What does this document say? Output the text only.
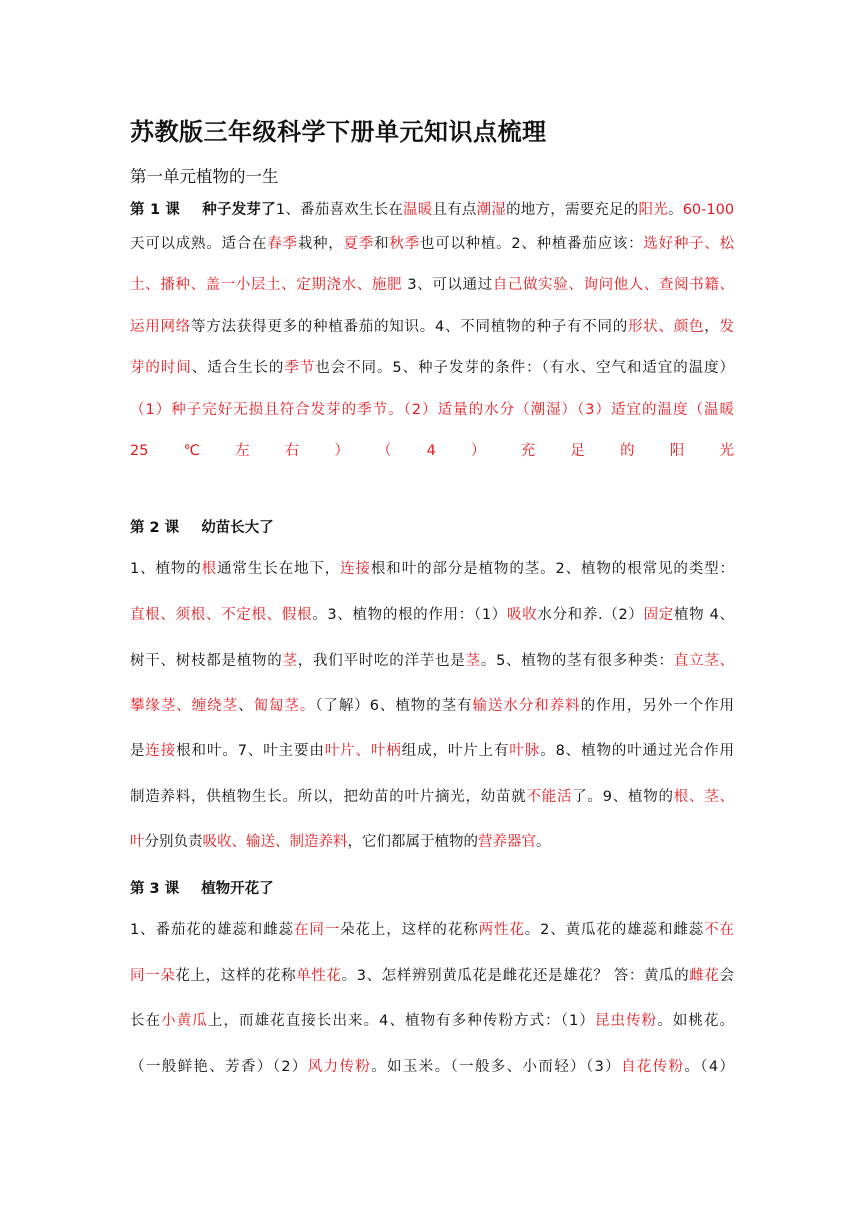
苏教版三年级科学下册单元知识点梳理
第一单元植物的一生
第 1 课 种子发芽了1、番茄喜欢生长在温暖且有点潮湿的地方，需要充足的阳光。60-100
天可以成熟。适合在春季栽种，夏季和秋季也可以种植。2、种植番茄应该：选好种子、松
土、播种、盖一小层土、定期浇水、施肥 3、可以通过自己做实验、询问他人、查阅书籍、
运用网络等方法获得更多的种植番茄的知识。4、不同植物的种子有不同的形状、颜色，发
芽的时间、适合生长的季节也会不同。5、种子发芽的条件：（有水、空气和适宜的温度）
（1）种子完好无损且符合发芽的季节。（2）适量的水分（潮湿）（3）适宜的温度（温暖
25℃左右）（4）充足的阳光
第 2 课 幼苗长大了
1、植物的根通常生长在地下，连接根和叶的部分是植物的茎。2、植物的根常见的类型：
直根、须根、不定根、假根。3、植物的根的作用：（1）吸收水分和养.（2）固定植物 4、
树干、树枝都是植物的茎，我们平时吃的洋芋也是茎。5、植物的茎有很多种类：直立茎、
攀缘茎、缠绕茎、匍匐茎。（了解）6、植物的茎有输送水分和养料的作用，另外一个作用
是连接根和叶。7、叶主要由叶片、叶柄组成，叶片上有叶脉。8、植物的叶通过光合作用
制造养料，供植物生长。所以，把幼苗的叶片摘光，幼苗就不能活了。9、植物的根、茎、
叶分别负责吸收、输送、制造养料，它们都属于植物的营养器官。
第 3 课 植物开花了
1、番茄花的雄蕊和雌蕊在同一朵花上，这样的花称两性花。2、黄瓜花的雄蕊和雌蕊不在
同一朵花上，这样的花称单性花。3、怎样辨别黄瓜花是雌花还是雄花？ 答：黄瓜的雌花会
长在小黄瓜上，而雄花直接长出来。4、植物有多种传粉方式：（1）昆虫传粉。如桃花。
（一般鲜艳、芳香）（2）风力传粉。如玉米。（一般多、小而轻）（3）自花传粉。（4）
